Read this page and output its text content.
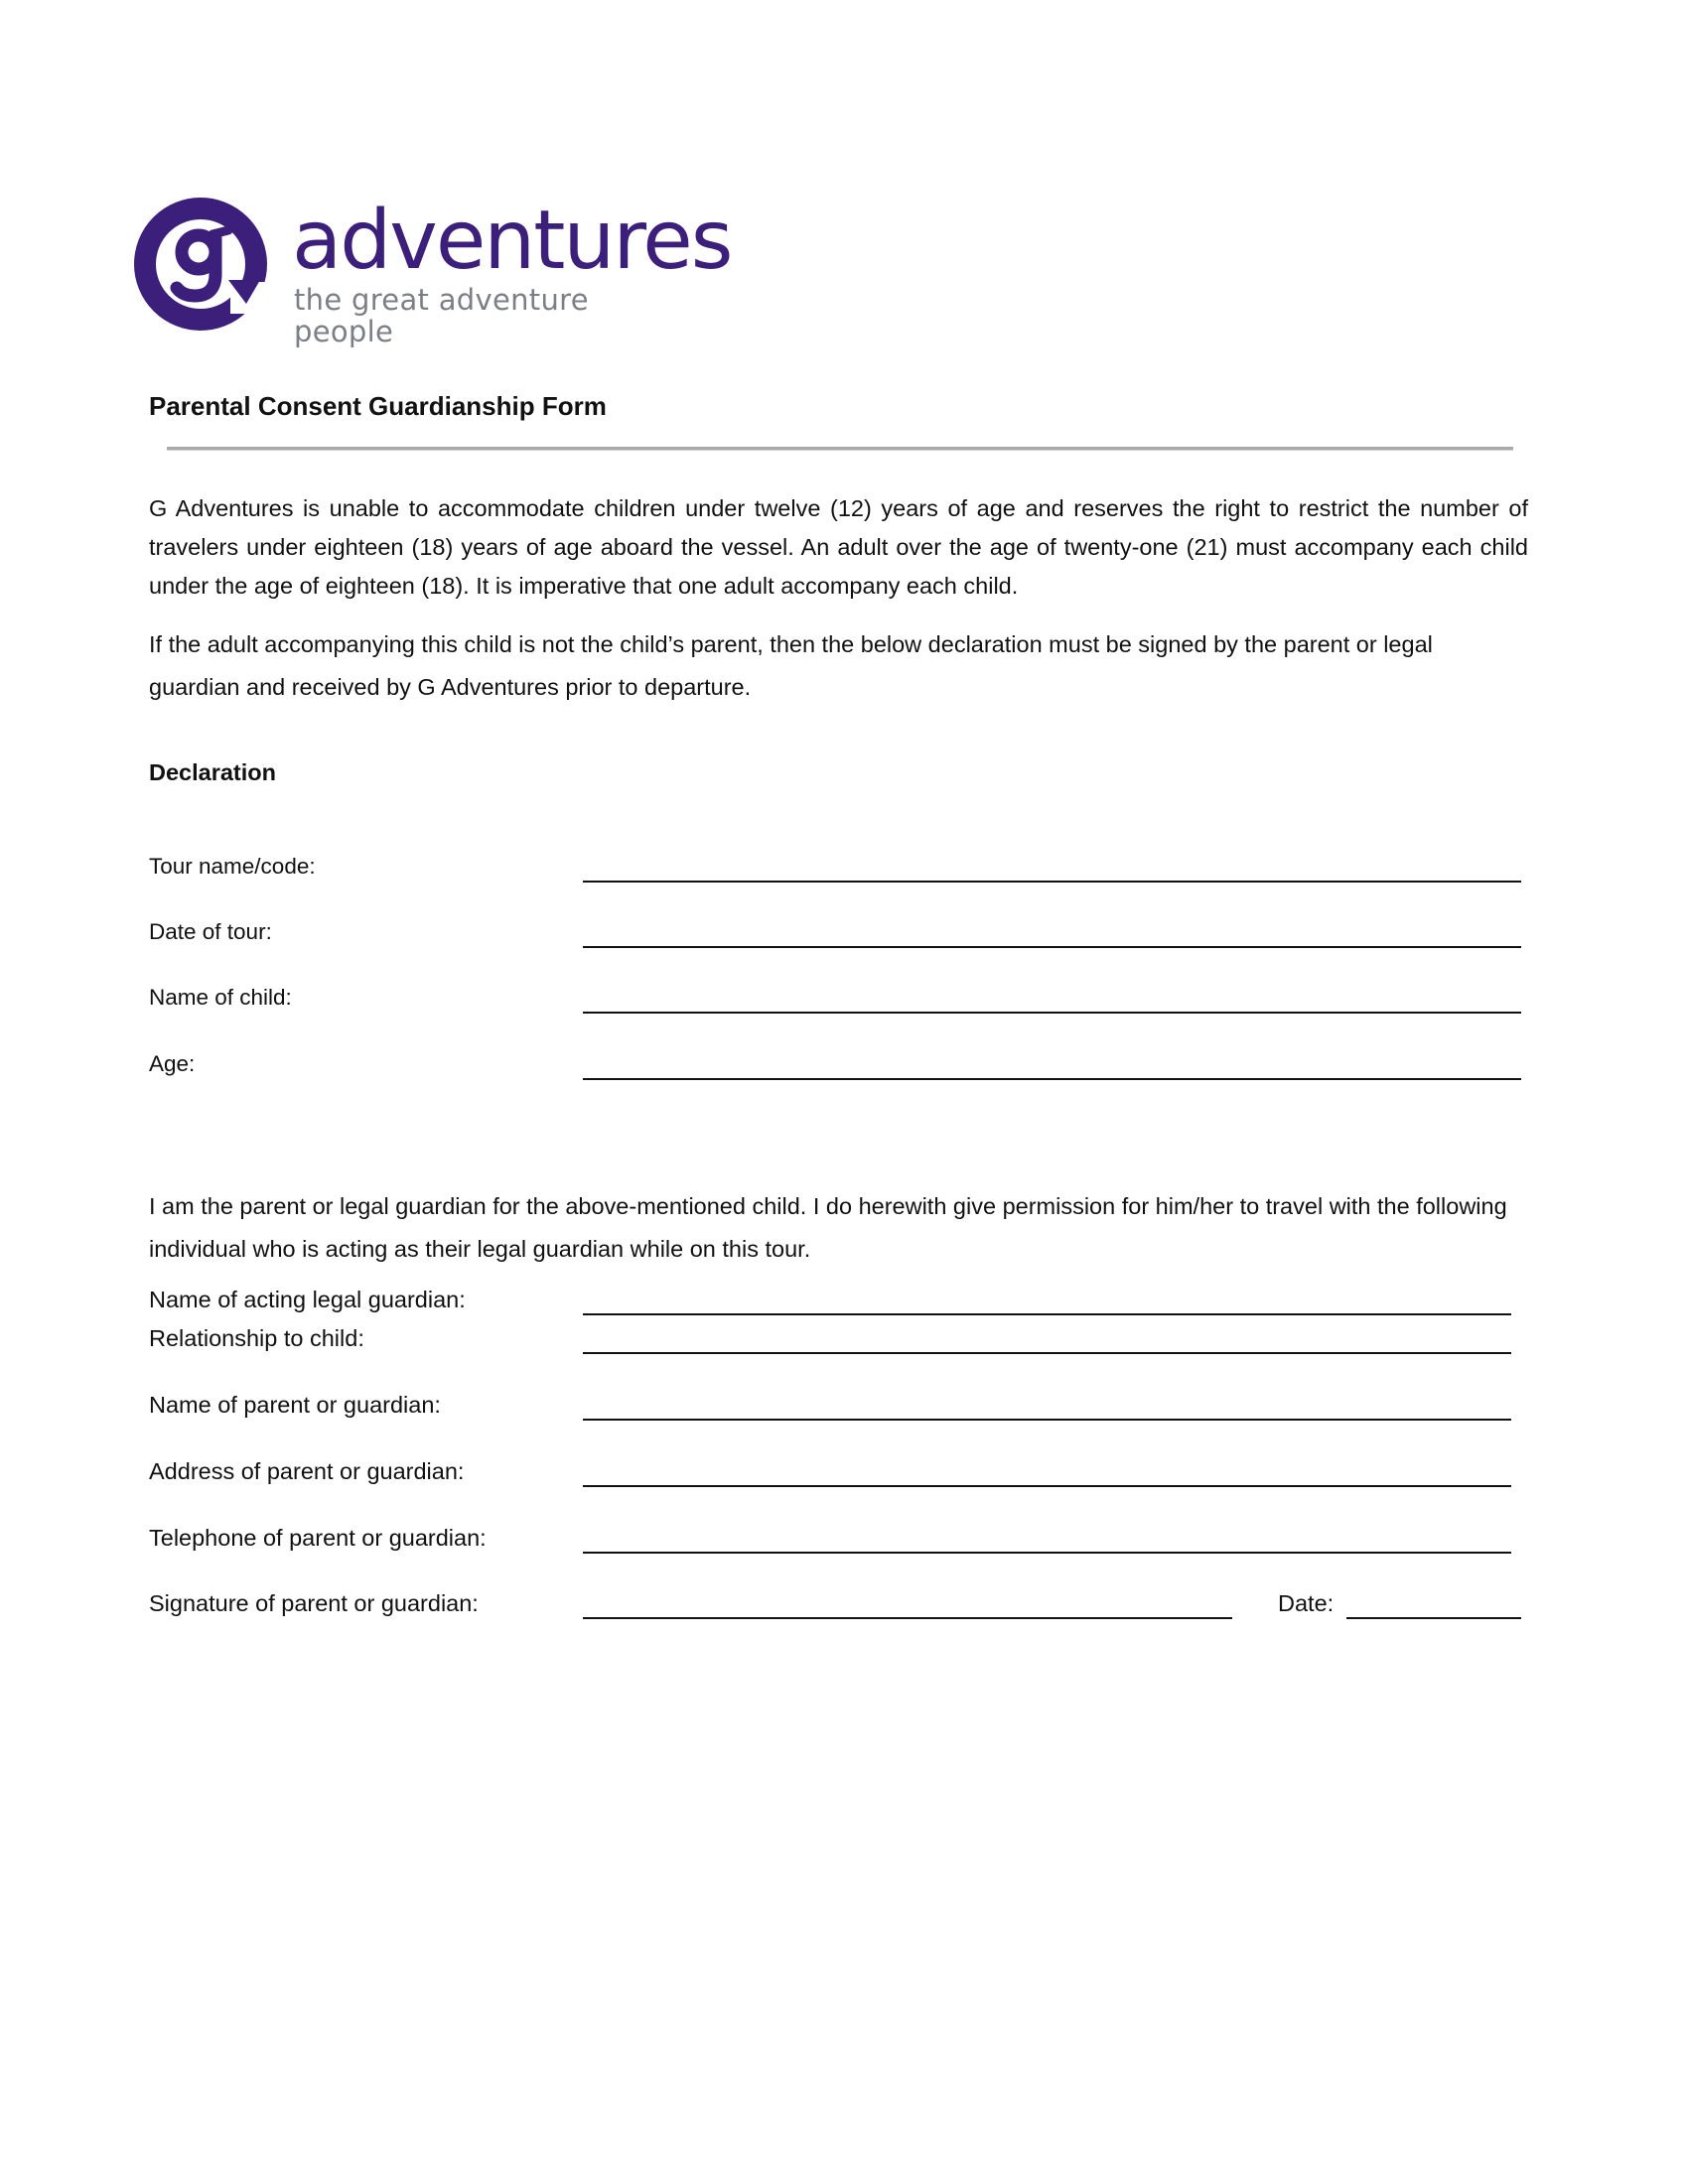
adventures
the great adventure people
Parental Consent Guardianship Form

G Adventures is unable to accommodate children under twelve (12) years of age and reserves the right to restrict the number of travelers under eighteen (18) years of age aboard the vessel. An adult over the age of twenty-one (21) must accompany each child under the age of eighteen (18). It is imperative that one adult accompany each child.

If the adult accompanying this child is not the child’s parent, then the below declaration must be signed by the parent or legal guardian and received by G Adventures prior to departure.

Declaration
Tour name/code:
Date of tour:
Name of child:
Age:

I am the parent or legal guardian for the above-mentioned child. I do herewith give permission for him/her to travel with the following individual who is acting as their legal guardian while on this tour.

Name of acting legal guardian:
Relationship to child:
Name of parent or guardian:
Address of parent or guardian:
Telephone of parent or guardian:
Signature of parent or guardian:	Date:
